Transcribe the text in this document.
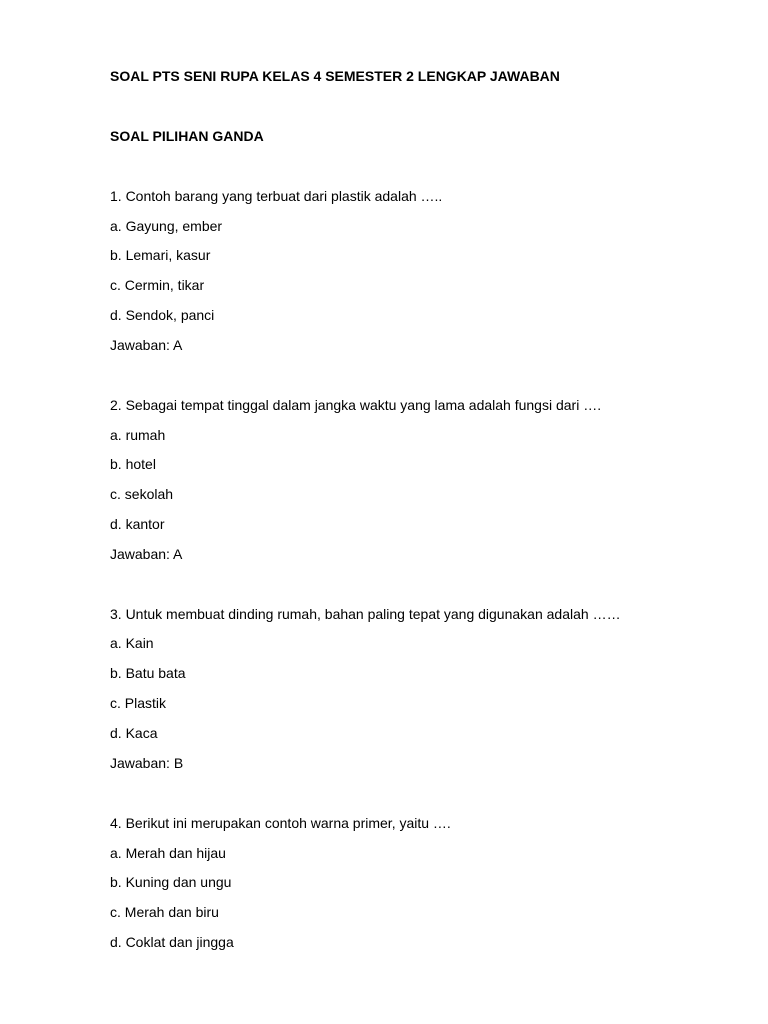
SOAL PTS SENI RUPA KELAS 4 SEMESTER 2 LENGKAP JAWABAN
SOAL PILIHAN GANDA
1. Contoh barang yang terbuat dari plastik adalah …..
a. Gayung, ember
b. Lemari, kasur
c. Cermin, tikar
d. Sendok, panci
Jawaban: A
2. Sebagai tempat tinggal dalam jangka waktu yang lama adalah fungsi dari ….
a. rumah
b. hotel
c. sekolah
d. kantor
Jawaban: A
3. Untuk membuat dinding rumah, bahan paling tepat yang digunakan adalah ……
a. Kain
b. Batu bata
c. Plastik
d. Kaca
Jawaban: B
4. Berikut ini merupakan contoh warna primer, yaitu ….
a. Merah dan hijau
b. Kuning dan ungu
c. Merah dan biru
d. Coklat dan jingga
